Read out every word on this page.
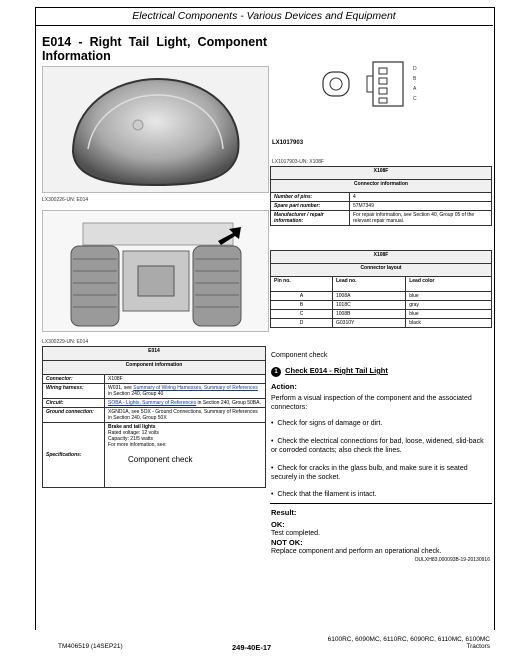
Electrical Components - Various Devices and Equipment
E014 - Right Tail Light, Component Information
LX300226-UN: E014
LX300229-UN: E014
D
B
A
C
LX1017903
LX1017903-UN: X108F
X108F	
Connector information	
Number of pins:	4
Spare part number:	57M7349
Manufacturer / repair information:	For repair information, see Section 40, Group 05 of the relevant repair manual.
X108F		
Connector layout		
Pin no.	Lead no.	Lead color
A	1008A	blue
B	1018C	gray
C	1008B	blue
D	G0310Y	black
E014	
Component information	
Connector:	X108F
Wiring harness:	W031, see Summary of Wiring Harnesses, Summary of References in Section 240, Group 40
Circuit:	SOBA - Lights, Summary of References in Section 240, Group 50BA.
Ground connection:	XGND1A, see 5OX - Ground Connections, Summary of References in Section 240, Group 50X
Specifications:	Brake and tail lights
Rated voltage: 12 volts
Capacity: 21/5 watts
For more information, see:
Component check
Component check
1 Check E014 - Right Tail Light
Action:
Perform a visual inspection of the component and the associated connectors:
•  Check for signs of damage or dirt.
•  Check the electrical connections for bad, loose, widened, slid-back or corroded contacts; also check the lines.
•  Check for cracks in the glass bulb, and make sure it is seated securely in the socket.
•  Check that the filament is intact.
Result:
OK:
Test completed.
NOT OK:
Replace component and perform an operational check.
OULXH83,000093B-19-20130916
TM406519 (14SEP21)	249-40E-17
6100RC, 6090MC, 6110RC, 6090RC, 6110MC, 6100MC
Tractors
